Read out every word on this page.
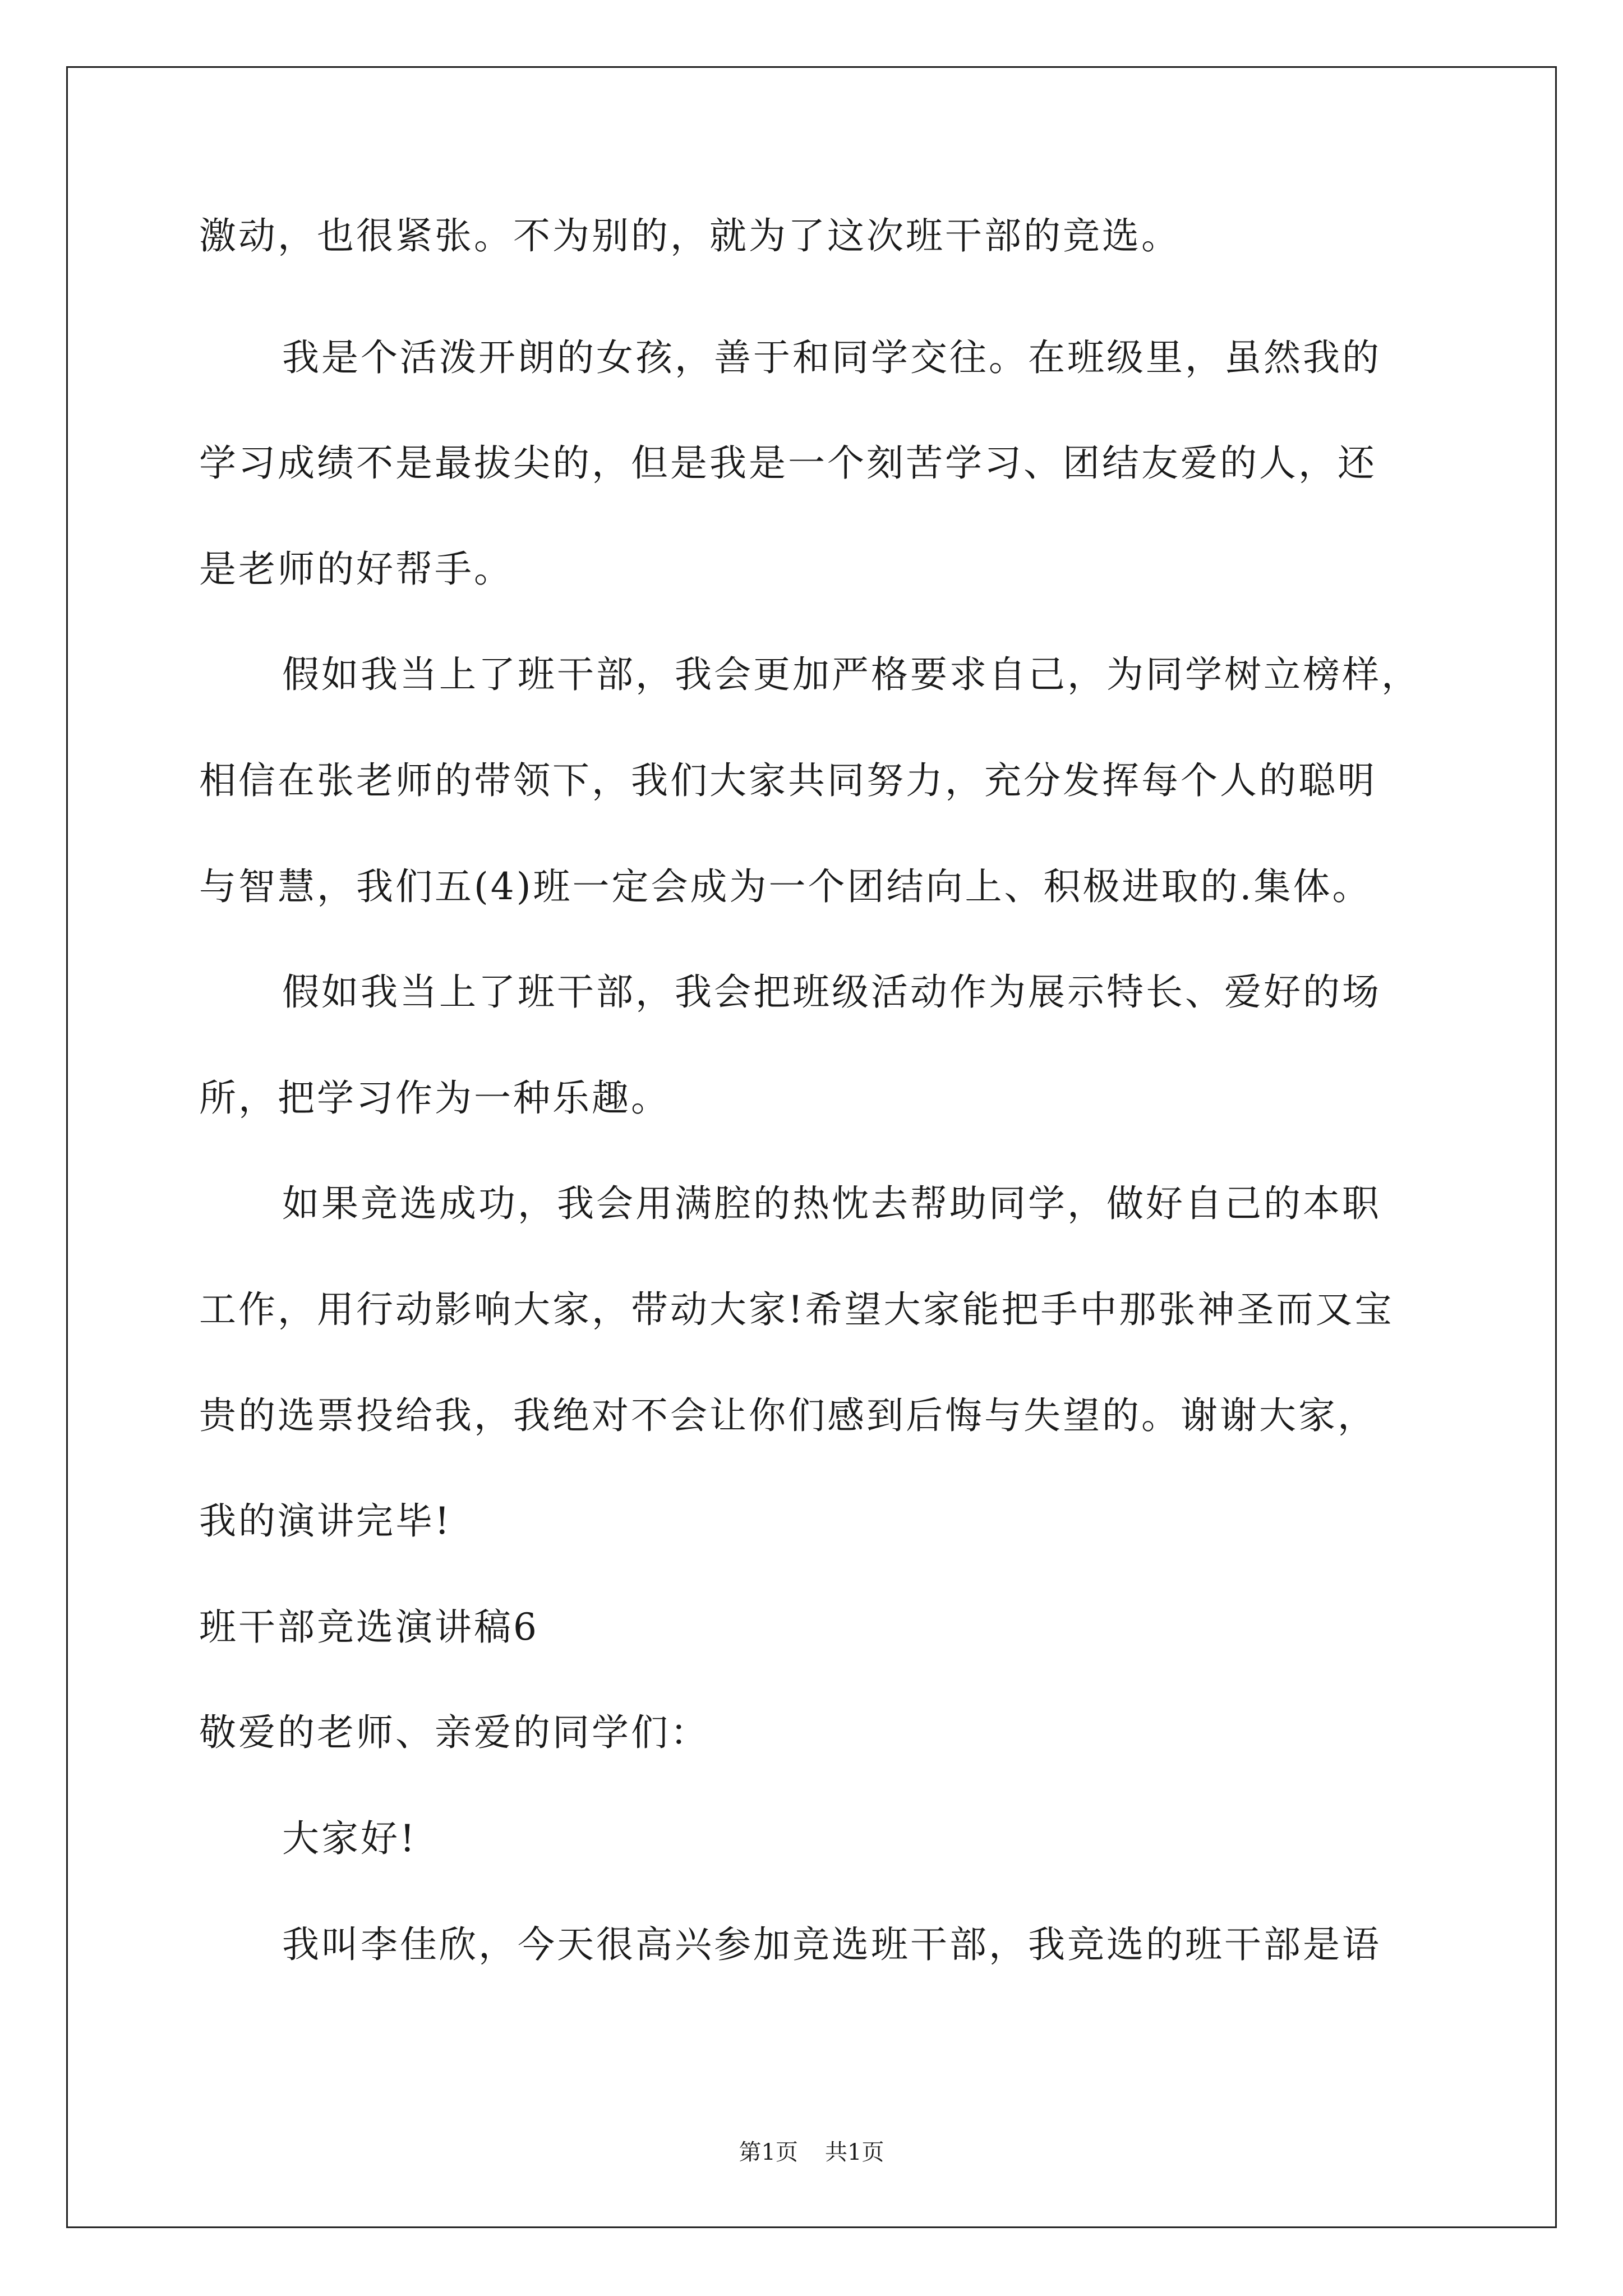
激动，也很紧张。不为别的，就为了这次班干部的竞选。
我是个活泼开朗的女孩，善于和同学交往。在班级里，虽然我的
学习成绩不是最拔尖的，但是我是一个刻苦学习、团结友爱的人，还
是老师的好帮手。
假如我当上了班干部，我会更加严格要求自己，为同学树立榜样，
相信在张老师的带领下，我们大家共同努力，充分发挥每个人的聪明
与智慧，我们五(4)班一定会成为一个团结向上、积极进取的.集体。
假如我当上了班干部，我会把班级活动作为展示特长、爱好的场
所，把学习作为一种乐趣。
如果竞选成功，我会用满腔的热忱去帮助同学，做好自己的本职
工作，用行动影响大家，带动大家!希望大家能把手中那张神圣而又宝
贵的选票投给我，我绝对不会让你们感到后悔与失望的。谢谢大家，
我的演讲完毕!
班干部竞选演讲稿6
敬爱的老师、亲爱的同学们：
大家好!
我叫李佳欣，今天很高兴参加竞选班干部，我竞选的班干部是语
第1页 共1页
